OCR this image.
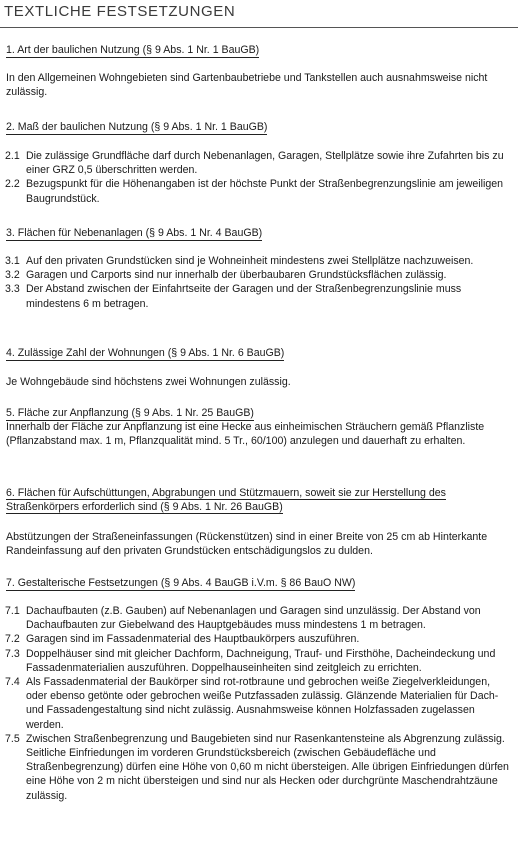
TEXTLICHE FESTSETZUNGEN
1. Art der baulichen Nutzung (§ 9 Abs. 1 Nr. 1 BauGB)

In den Allgemeinen Wohngebieten sind Gartenbaubetriebe und Tankstellen auch ausnahmsweise nicht zulässig.

2. Maß der baulichen Nutzung (§ 9 Abs. 1 Nr. 1 BauGB)
2.1 Die zulässige Grundfläche darf durch Nebenanlagen, Garagen, Stellplätze sowie ihre Zufahrten bis zu einer GRZ 0,5 überschritten werden.
2.2 Bezugspunkt für die Höhenangaben ist der höchste Punkt der Straßenbegrenzungslinie am jeweiligen Baugrundstück.
3. Flächen für Nebenanlagen (§ 9 Abs. 1 Nr. 4 BauGB)
3.1 Auf den privaten Grundstücken sind je Wohneinheit mindestens zwei Stellplätze nachzuweisen.
3.2 Garagen und Carports sind nur innerhalb der überbaubaren Grundstücksflächen zulässig.
3.3 Der Abstand zwischen der Einfahrtseite der Garagen und der Straßenbegrenzungslinie muss mindestens 6 m betragen.
4. Zulässige Zahl der Wohnungen (§ 9 Abs. 1 Nr. 6 BauGB)

Je Wohngebäude sind höchstens zwei Wohnungen zulässig.

5. Fläche zur Anpflanzung (§ 9 Abs. 1 Nr. 25 BauGB)

Innerhalb der Fläche zur Anpflanzung ist eine Hecke aus einheimischen Sträuchern gemäß Pflanzliste (Pflanzabstand max. 1 m, Pflanzqualität mind. 5 Tr., 60/100) anzulegen und dauerhaft zu erhalten.

6. Flächen für Aufschüttungen, Abgrabungen und Stützmauern, soweit sie zur Herstellung des Straßenkörpers erforderlich sind (§ 9 Abs. 1 Nr. 26 BauGB)

Abstützungen der Straßeneinfassungen (Rückenstützen) sind in einer Breite von 25 cm ab Hinterkante Randeinfassung auf den privaten Grundstücken entschädigungslos zu dulden.

7. Gestalterische Festsetzungen (§ 9 Abs. 4 BauGB i.V.m. § 86 BauO NW)
7.1 Dachaufbauten (z.B. Gauben) auf Nebenanlagen und Garagen sind unzulässig. Der Abstand von Dachaufbauten zur Giebelwand des Hauptgebäudes muss mindestens 1 m betragen.
7.2 Garagen sind im Fassadenmaterial des Hauptbaukörpers auszuführen.
7.3 Doppelhäuser sind mit gleicher Dachform, Dachneigung, Trauf- und Firsthöhe, Dacheindeckung und Fassadenmaterialien auszuführen. Doppelhauseinheiten sind zeitgleich zu errichten.
7.4 Als Fassadenmaterial der Baukörper sind rot-rotbraune und gebrochen weiße Ziegelverkleidungen, oder ebenso getönte oder gebrochen weiße Putzfassaden zulässig. Glänzende Materialien für Dach- und Fassadengestaltung sind nicht zulässig. Ausnahmsweise können Holzfassaden zugelassen werden.
7.5 Zwischen Straßenbegrenzung und Baugebieten sind nur Rasenkantensteine als Abgrenzung zulässig. Seitliche Einfriedungen im vorderen Grundstücksbereich (zwischen Gebäudefläche und Straßenbegrenzung) dürfen eine Höhe von 0,60 m nicht übersteigen. Alle übrigen Einfriedungen dürfen eine Höhe von 2 m nicht übersteigen und sind nur als Hecken oder durchgrünte Maschendrahtzäune zulässig.
